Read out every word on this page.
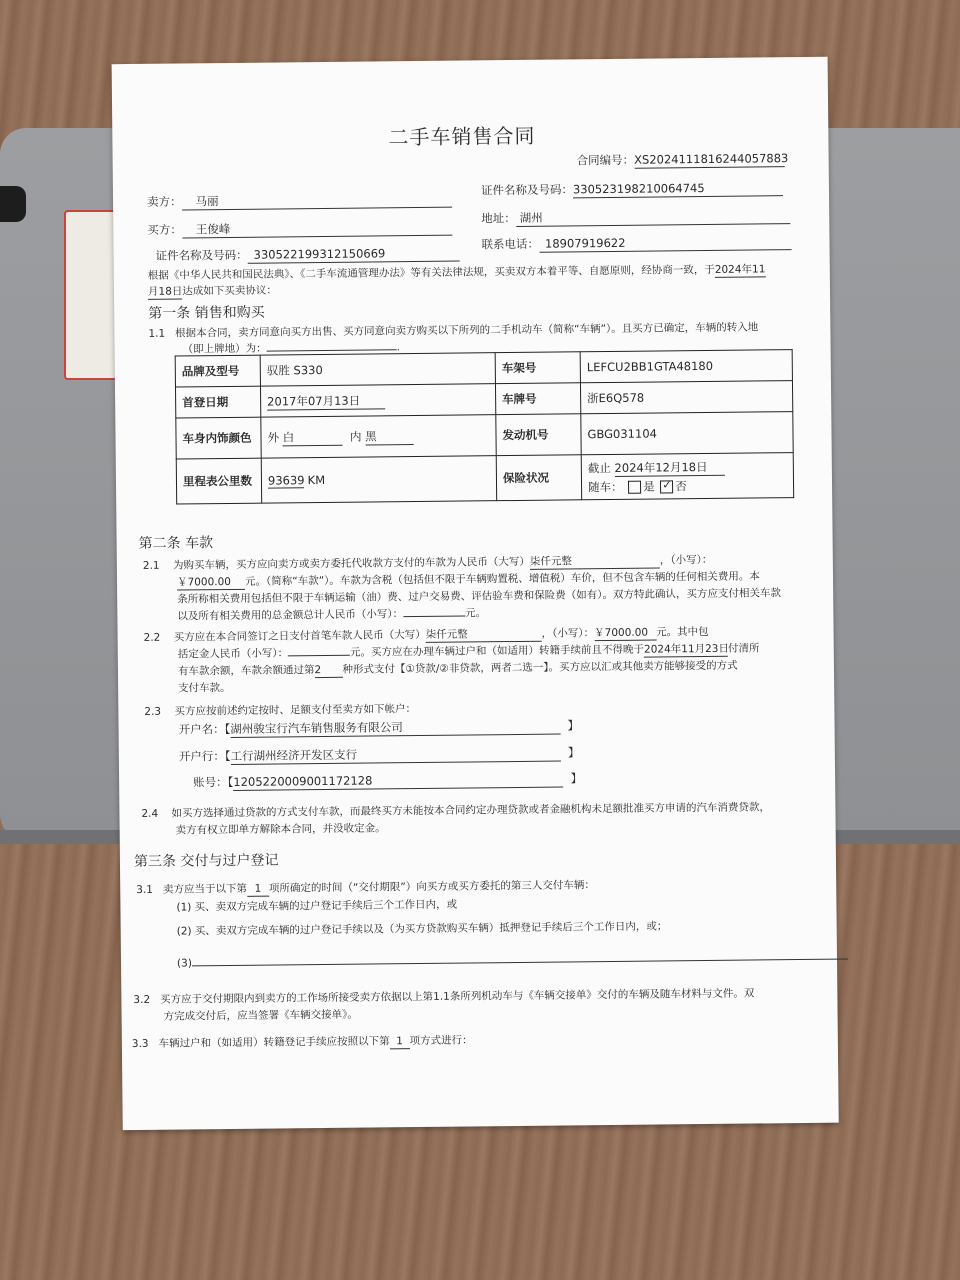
二手车销售合同
合同编号：XS20241118162440578​83
卖方： 马丽
证件名称及号码：330523198210064745
买方： 王俊峰
地址： 湖州
证件名称及号码： 330522199312150669
联系电话： 18907919622
根据《中华人民共和国民法典》、《二手车流通管理办法》等有关法律法规，买卖双方本着平等、自愿原则，经协商一致，于2024年11
月18日达成如下买卖协议：
第一条 销售和购买
1.1 根据本合同，卖方同意向买方出售、买方同意向卖方购买以下所列的二手机动车（简称“车辆”）。且买方已确定，车辆的转入地
（即上牌地）为：	.
品牌及型号	驭胜 S330	车架号	LEFCU2BB1GTA48180
首登日期	2017年07月13日	车牌号	浙E6Q578
车身内饰颜色	外 白 内 黑	发动机号	GBG031104
里程表公里数	93639 KM	保险状况	截止 2024年12月18日
随车： 是 ✓ 否
第二条 车款
2.1 为购买车辆，买方应向卖方或卖方委托代收款方支付的车款为人民币（大写）柒仟元整	，（小写）：
￥7000.00 元。（简称“车款”）。车款为含税（包括但不限于车辆购置税、增值税）车价，但不包含车辆的任何相关费用。本
条所称相关费用包括但不限于车辆运输（油）费、过户交易费、评估验车费和保险费（如有）。双方特此确认，买方应支付相关车款
以及所有相关费用的总金额总计人民币（小写）：	元。
2.2 买方应在本合同签订之日支付首笔车款人民币（大写）柒仟元整	，（小写）：￥7000.00 元。其中包
括定金人民币（小写）：	元。买方应在办理车辆过户和（如适用）转籍手续前且不得晚于2024年11月23日付清所
有车款余额，车款余额通过第2 种形式支付【①贷款/②非贷款，两者二选一】。买方应以汇或其他卖方能够接受的方式
支付车款。
2.3 买方应按前述约定按时、足额支付至卖方如下帐户：
开户名：【湖州骏宝行汽车销售服务有限公司	】
开户行：【工行湖州经济开发区支行	】
账号：【1205220009001172128	】
2.4 如买方选择通过贷款的方式支付车款，而最终买方未能按本合同约定办理贷款或者金融机构未足额批准买方申请的汽车消费贷款，
卖方有权立即单方解除本合同，并没收定金。
第三条 交付与过户登记
3.1 卖方应当于以下第 1 项所确定的时间（“交付期限”）向买方或买方委托的第三人交付车辆：
(1) 买、卖双方完成车辆的过户登记手续后三个工作日内，或
(2) 买、卖双方完成车辆的过户登记手续以及（为买方贷款购买车辆）抵押登记手续后三个工作日内，或；
(3)
3.2 买方应于交付期限内到卖方的工作场所接受卖方依据以上第1.1条所列机动车与《车辆交接单》交付的车辆及随车材料与文件。双
方完成交付后，应当签署《车辆交接单》。
3.3 车辆过户和（如适用）转籍登记手续应按照以下第 1 项方式进行：
